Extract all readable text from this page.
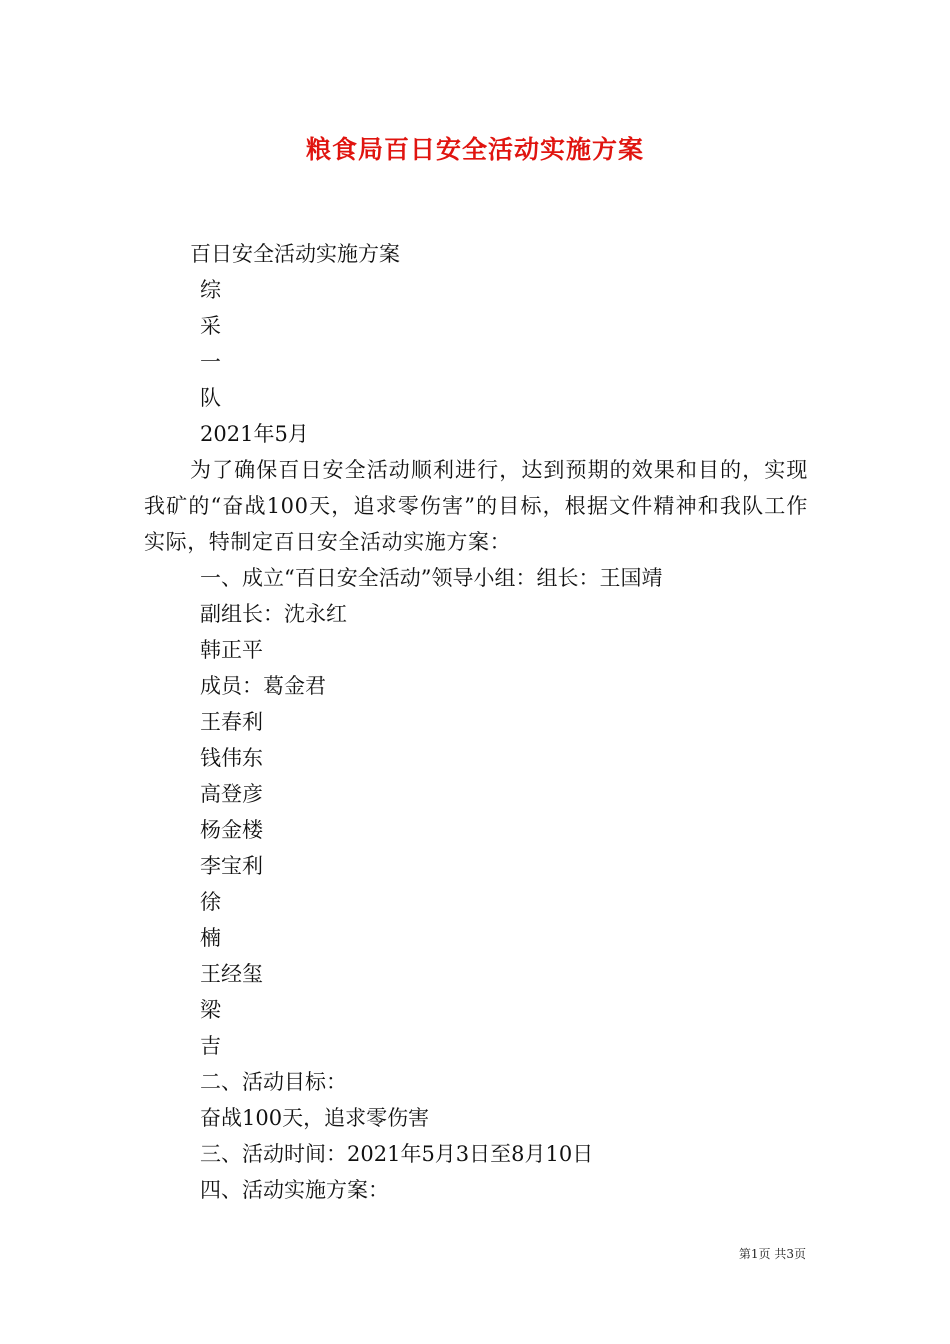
粮食局百日安全活动实施方案
百日安全活动实施方案
综
采
一
队
2021年5月
为了确保百日安全活动顺利进行，达到预期的效果和目的，实现我矿的“奋战100天，追求零伤害”的目标，根据文件精神和我队工作实际，特制定百日安全活动实施方案：
一、成立“百日安全活动”领导小组：组长：王国靖
副组长：沈永红
韩正平
成员：葛金君
王春利
钱伟东
高登彦
杨金楼
李宝利
徐
楠
王经玺
梁
吉
二、活动目标：
奋战100天，追求零伤害
三、活动时间：2021年5月3日至8月10日
四、活动实施方案：
第1页 共3页
